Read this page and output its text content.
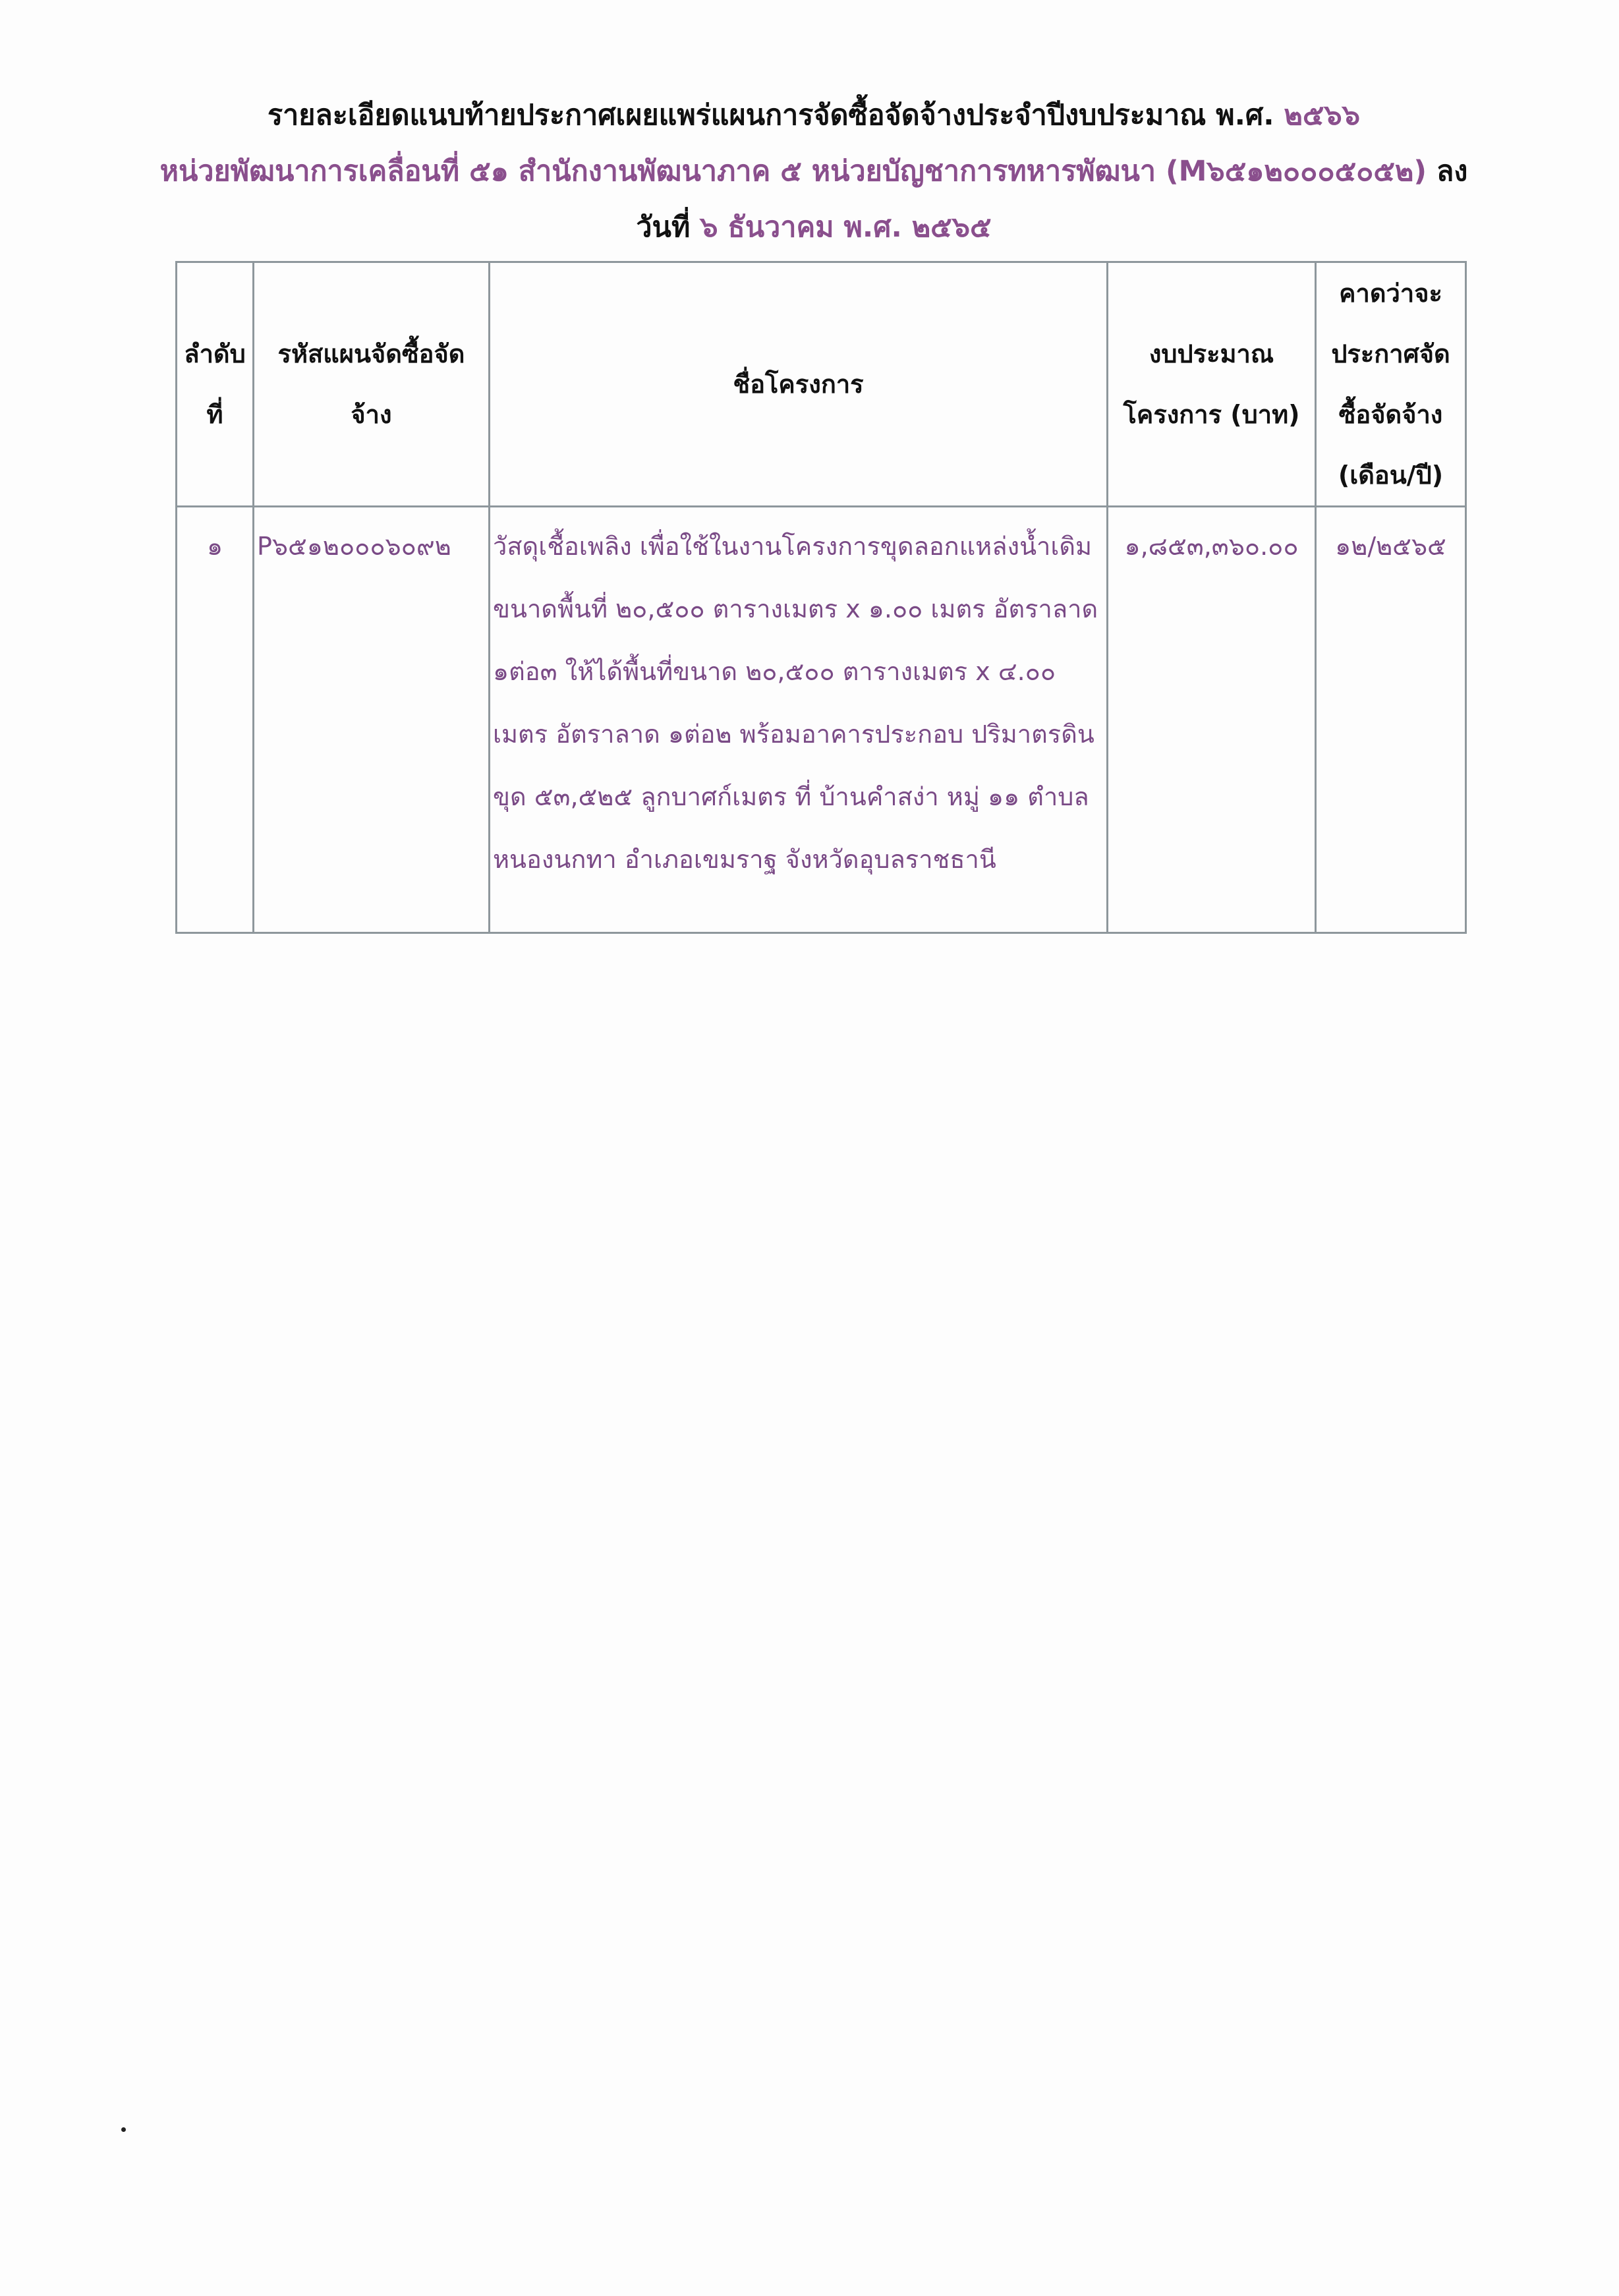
รายละเอียดแนบท้ายประกาศเผยแพร่แผนการจัดซื้อจัดจ้างประจำปีงบประมาณ พ.ศ. ๒๕๖๖
หน่วยพัฒนาการเคลื่อนที่ ๕๑ สำนักงานพัฒนาภาค ๕ หน่วยบัญชาการทหารพัฒนา (M๖๕๑๒๐๐๐๕๐๕๒) ลง
วันที่ ๖ ธันวาคม พ.ศ. ๒๕๖๕
ลำดับที่	รหัสแผนจัดซื้อจัดจ้าง	ชื่อโครงการ	งบประมาณโครงการ (บาท)	คาดว่าจะประกาศจัดซื้อจัดจ้าง (เดือน/ปี)
๑	P๖๕๑๒๐๐๐๖๐๙๒	วัสดุเชื้อเพลิง เพื่อใช้ในงานโครงการขุดลอกแหล่งน้ำเดิม ขนาดพื้นที่ ๒๐,๕๐๐ ตารางเมตร x ๑.๐๐ เมตร อัตราลาด ๑ต่อ๓ ให้ได้พื้นที่ขนาด ๒๐,๕๐๐ ตารางเมตร x ๔.๐๐ เมตร อัตราลาด ๑ต่อ๒ พร้อมอาคารประกอบ ปริมาตรดินขุด ๕๓,๕๒๕ ลูกบาศก์เมตร ที่ บ้านคำสง่า หมู่ ๑๑ ตำบลหนองนกทา อำเภอเขมราฐ จังหวัดอุบลราชธานี	๑,๘๕๓,๓๖๐.๐๐	๑๒/๒๕๖๕
